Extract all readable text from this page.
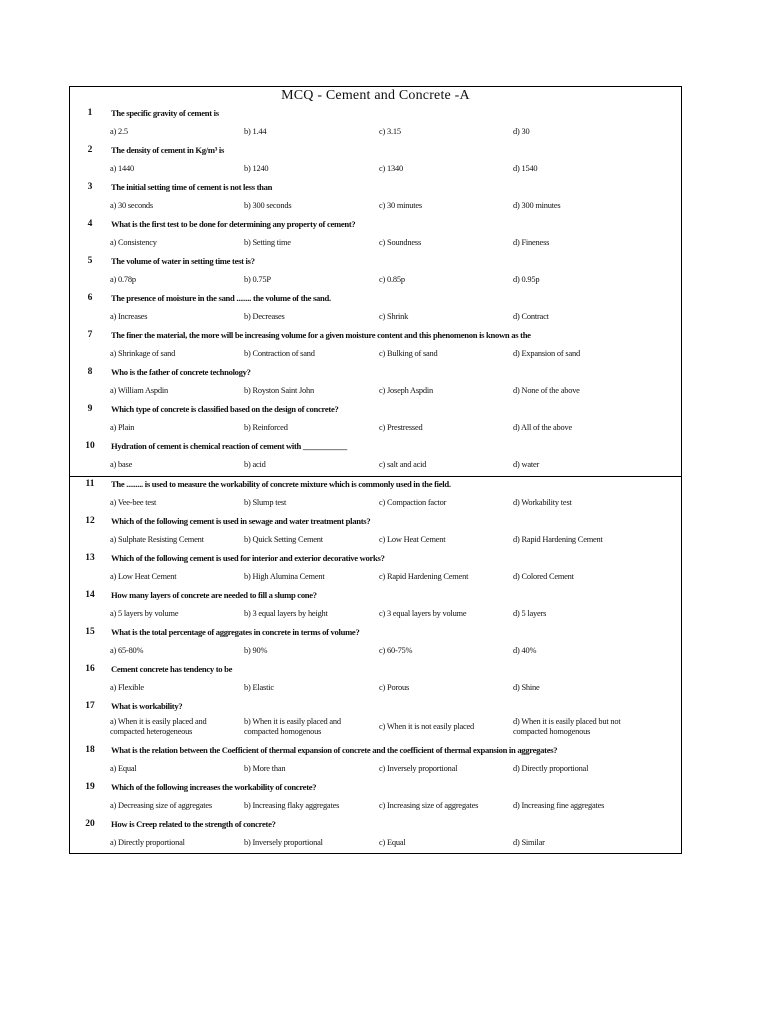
MCQ - Cement and Concrete -A
1	The specific gravity of cement is
a) 2.5	b) 1.44	c) 3.15	d) 30
2	The density of cement in Kg/m³ is
a) 1440	b) 1240	c) 1340	d) 1540
3	The initial setting time of cement is not less than
a) 30 seconds	b) 300 seconds	c) 30 minutes	d) 300 minutes
4	What is the first test to be done for determining any property of cement?
a) Consistency	b) Setting time	c) Soundness	d) Fineness
5	The volume of water in setting time test is?
a) 0.78p	b) 0.75P	c) 0.85p	d) 0.95p
6	The presence of moisture in the sand ........ the volume of the sand.
a) Increases	b) Decreases	c) Shrink	d) Contract
7	The finer the material, the more will be increasing volume for a given moisture content and this phenomenon is known as the
a) Shrinkage of sand	b) Contraction of sand	c) Bulking of sand	d) Expansion of sand
8	Who is the father of concrete technology?
a) William Aspdin	b) Royston Saint John	c) Joseph Aspdin	d) None of the above
9	Which type of concrete is classified based on the design of concrete?
a) Plain	b) Reinforced	c) Prestressed	d) All of the above
10	Hydration of cement is chemical reaction of cement with ___________
a) base	b) acid	c) salt and acid	d) water
11	The ......... is used to measure the workability of concrete mixture which is commonly used in the field.
a) Vee-bee test	b) Slump test	c) Compaction factor	d) Workability test
12	Which of the following cement is used in sewage and water treatment plants?
a) Sulphate Resisting Cement	b) Quick Setting Cement	c) Low Heat Cement	d) Rapid Hardening Cement
13	Which of the following cement is used for interior and exterior decorative works?
a) Low Heat Cement	b) High Alumina Cement	c) Rapid Hardening Cement	d) Colored Cement
14	How many layers of concrete are needed to fill a slump cone?
a) 5 layers by volume	b) 3 equal layers by height	c) 3 equal layers by volume	d) 5 layers
15	What is the total percentage of aggregates in concrete in terms of volume?
a) 65-80%	b) 90%	c) 60-75%	d) 40%
16	Cement concrete has tendency to be
a) Flexible	b) Elastic	c) Porous	d) Shine
17	What is workability?
a) When it is easily placed and compacted heterogeneous
b) When it is easily placed and compacted homogenous
c) When it is not easily placed
d) When it is easily placed but not compacted homogenous
18	What is the relation between the Coefficient of thermal expansion of concrete and the coefficient of thermal expansion in aggregates?
a) Equal	b) More than	c) Inversely proportional	d) Directly proportional
19	Which of the following increases the workability of concrete?
a) Decreasing size of aggregates	b) Increasing flaky aggregates	c) Increasing size of aggregates	d) Increasing fine aggregates
20	How is Creep related to the strength of concrete?
a) Directly proportional	b) Inversely proportional	c) Equal	d) Similar
